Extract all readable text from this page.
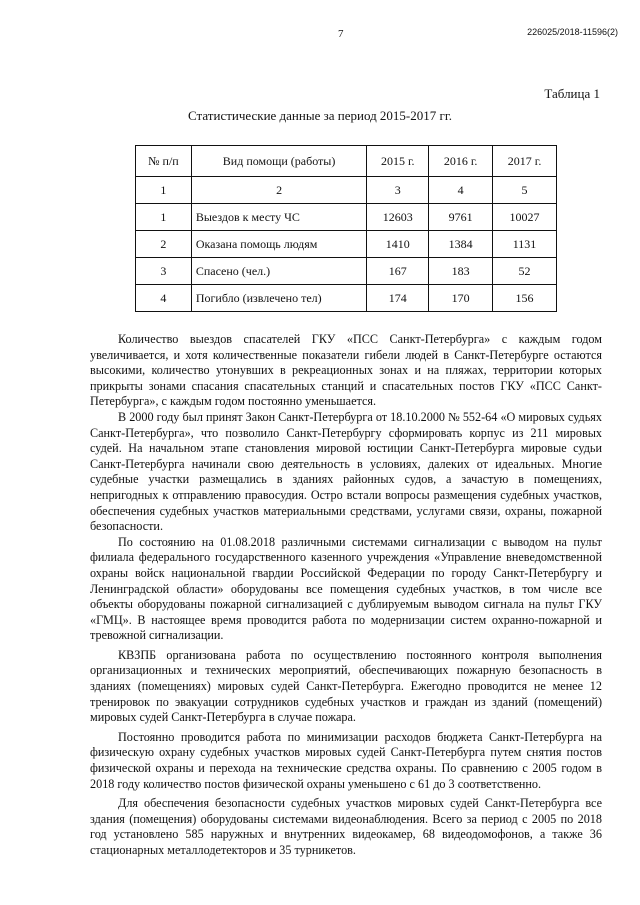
7	226025/2018-11596(2)
Таблица 1
Статистические данные за период 2015-2017 гг.
№ п/п	Вид помощи (работы)	2015 г.	2016 г.	2017 г.
1	2	3	4	5
1	Выездов к месту ЧС	12603	9761	10027
2	Оказана помощь людям	1410	1384	1131
3	Спасено (чел.)	167	183	52
4	Погибло (извлечено тел)	174	170	156

Количество выездов спасателей ГКУ «ПСС Санкт-Петербурга» с каждым годом увеличивается, и хотя количественные показатели гибели людей в Санкт-Петербурге остаются высокими, количество утонувших в рекреационных зонах и на пляжах, территории которых прикрыты зонами спасания спасательных станций и спасательных постов ГКУ «ПСС Санкт-Петербурга», с каждым годом постоянно уменьшается.

В 2000 году был принят Закон Санкт-Петербурга от 18.10.2000 № 552-64 «О мировых судьях Санкт-Петербурга», что позволило Санкт-Петербургу сформировать корпус из 211 мировых судей. На начальном этапе становления мировой юстиции Санкт-Петербурга мировые судьи Санкт-Петербурга начинали свою деятельность в условиях, далеких от идеальных. Многие судебные участки размещались в зданиях районных судов, а зачастую в помещениях, непригодных к отправлению правосудия. Остро встали вопросы размещения судебных участков, обеспечения судебных участков материальными средствами, услугами связи, охраны, пожарной безопасности.

По состоянию на 01.08.2018 различными системами сигнализации с выводом на пульт филиала федерального государственного казенного учреждения «Управление вневедомственной охраны войск национальной гвардии Российской Федерации по городу Санкт-Петербургу и Ленинградской области» оборудованы все помещения судебных участков, в том числе все объекты оборудованы пожарной сигнализацией с дублируемым выводом сигнала на пульт ГКУ «ГМЦ». В настоящее время проводится работа по модернизации систем охранно-пожарной и тревожной сигнализации.

КВЗПБ организована работа по осуществлению постоянного контроля выполнения организационных и технических мероприятий, обеспечивающих пожарную безопасность в зданиях (помещениях) мировых судей Санкт-Петербурга. Ежегодно проводится не менее 12 тренировок по эвакуации сотрудников судебных участков и граждан из зданий (помещений) мировых судей Санкт-Петербурга в случае пожара.

Постоянно проводится работа по минимизации расходов бюджета Санкт-Петербурга на физическую охрану судебных участков мировых судей Санкт-Петербурга путем снятия постов физической охраны и перехода на технические средства охраны. По сравнению с 2005 годом в 2018 году количество постов физической охраны уменьшено с 61 до 3 соответственно.

Для обеспечения безопасности судебных участков мировых судей Санкт-Петербурга все здания (помещения) оборудованы системами видеонаблюдения. Всего за период с 2005 по 2018 год установлено 585 наружных и внутренних видеокамер, 68 видеодомофонов, а также 36 стационарных металлодетекторов и 35 турникетов.
